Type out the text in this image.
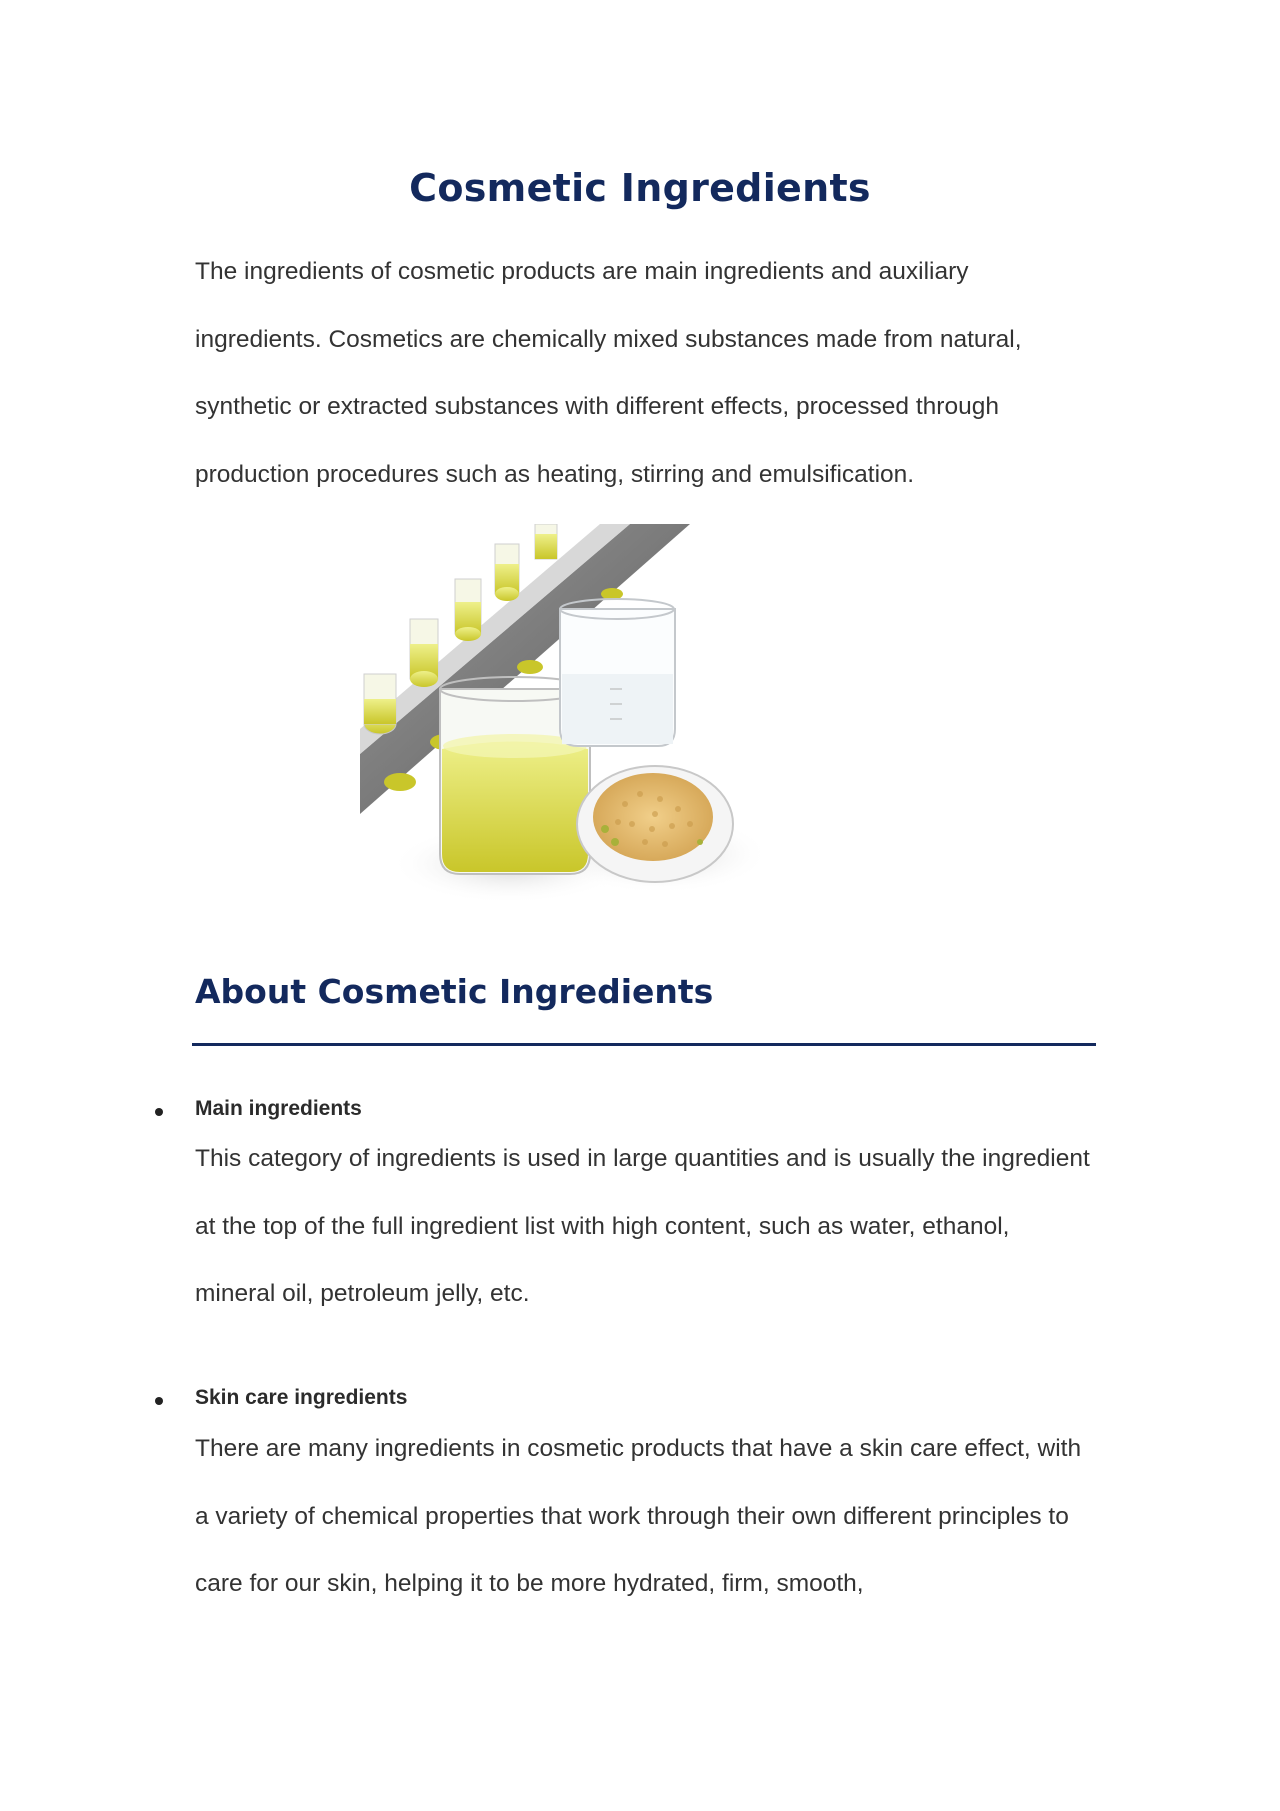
Cosmetic Ingredients

The ingredients of cosmetic products are main ingredients and auxiliary ingredients. Cosmetics are chemically mixed substances made from natural, synthetic or extracted substances with different effects, processed through production procedures such as heating, stirring and emulsification.

About Cosmetic Ingredients

Main ingredients

This category of ingredients is used in large quantities and is usually the ingredient at the top of the full ingredient list with high content, such as water, ethanol, mineral oil, petroleum jelly, etc.

Skin care ingredients

There are many ingredients in cosmetic products that have a skin care effect, with a variety of chemical properties that work through their own different principles to care for our skin, helping it to be more hydrated, firm, smooth,
